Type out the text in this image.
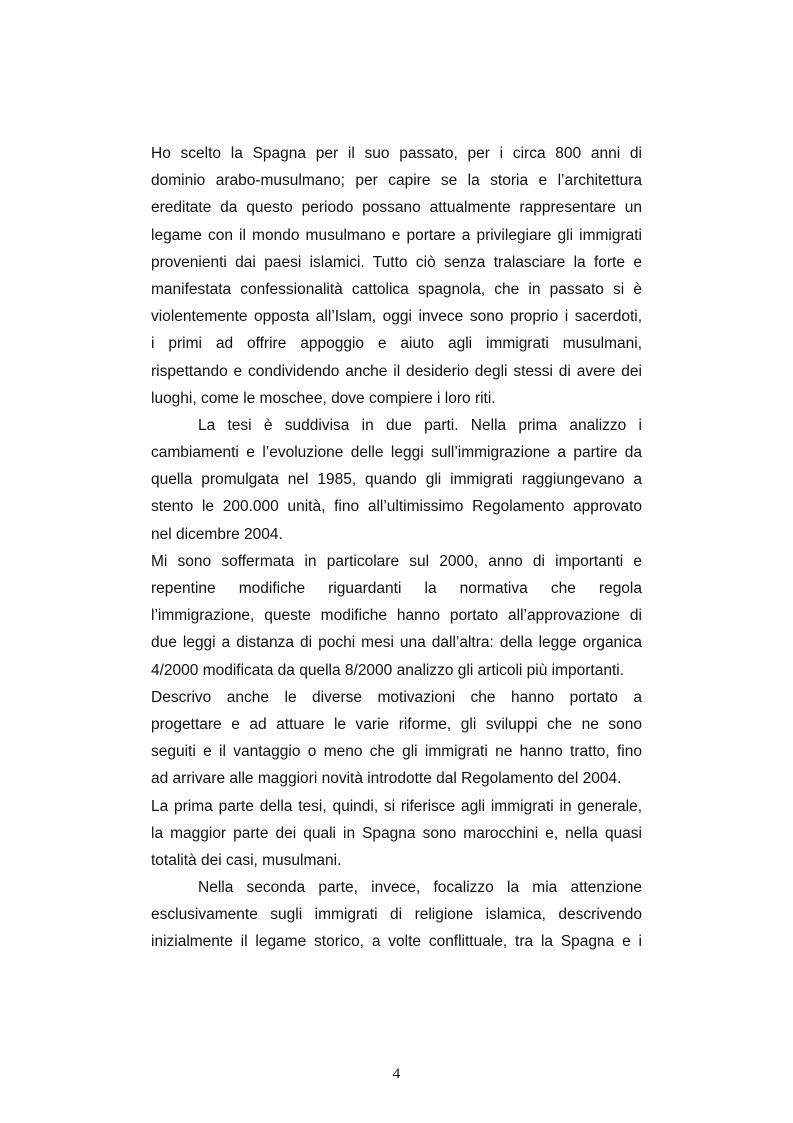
Ho scelto la Spagna per il suo passato, per i circa 800 anni di
dominio arabo-musulmano; per capire se la storia e l’architettura
ereditate da questo periodo possano attualmente rappresentare un
legame con il mondo musulmano e portare a privilegiare gli immigrati
provenienti dai paesi islamici. Tutto ciò senza tralasciare la forte e
manifestata confessionalità cattolica spagnola, che in passato si è
violentemente opposta all’Islam, oggi invece sono proprio i sacerdoti,
i primi ad offrire appoggio e aiuto agli immigrati musulmani,
rispettando e condividendo anche il desiderio degli stessi di avere dei
luoghi, come le moschee, dove compiere i loro riti.
La tesi è suddivisa in due parti. Nella prima analizzo i
cambiamenti e l’evoluzione delle leggi sull’immigrazione a partire da
quella promulgata nel 1985, quando gli immigrati raggiungevano a
stento le 200.000 unità, fino all’ultimissimo Regolamento approvato
nel dicembre 2004.
Mi sono soffermata in particolare sul 2000, anno di importanti e
repentine modifiche riguardanti la normativa che regola
l’immigrazione, queste modifiche hanno portato all’approvazione di
due leggi a distanza di pochi mesi una dall’altra: della legge organica
4/2000 modificata da quella 8/2000 analizzo gli articoli più importanti.
Descrivo anche le diverse motivazioni che hanno portato a
progettare e ad attuare le varie riforme, gli sviluppi che ne sono
seguiti e il vantaggio o meno che gli immigrati ne hanno tratto, fino
ad arrivare alle maggiori novità introdotte dal Regolamento del 2004.
La prima parte della tesi, quindi, si riferisce agli immigrati in generale,
la maggior parte dei quali in Spagna sono marocchini e, nella quasi
totalità dei casi, musulmani.
Nella seconda parte, invece, focalizzo la mia attenzione
esclusivamente sugli immigrati di religione islamica, descrivendo
inizialmente il legame storico, a volte conflittuale, tra la Spagna e i
4
